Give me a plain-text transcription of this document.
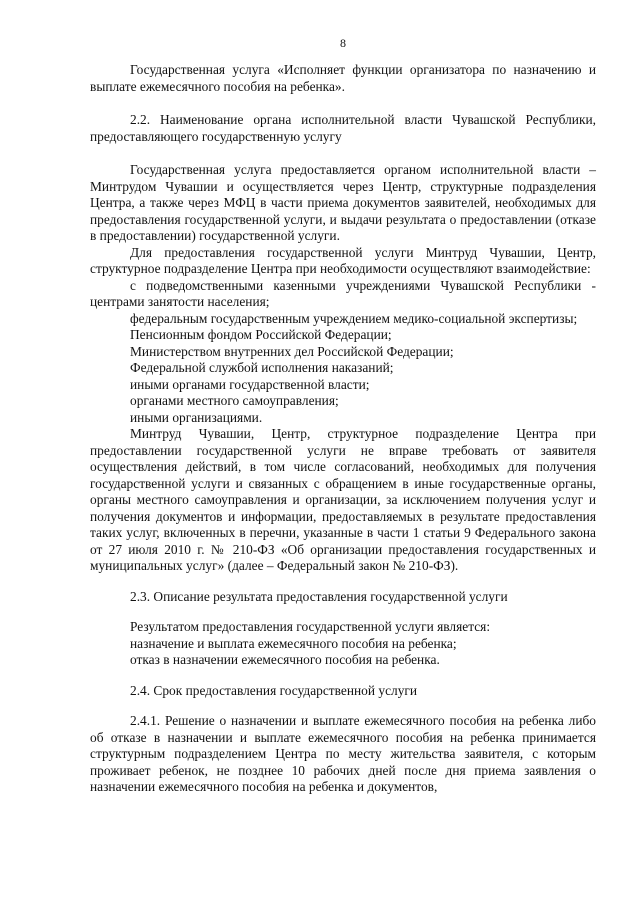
8

Государственная услуга «Исполняет функции организатора по назначению и выплате ежемесячного пособия на ребенка».

2.2. Наименование органа исполнительной власти Чувашской Республики, предоставляющего государственную услугу

Государственная услуга предоставляется органом исполнительной власти – Минтрудом Чувашии и осуществляется через Центр, структурные подразделения Центра, а также через МФЦ в части приема документов заявителей, необходимых для предоставления государственной услуги, и выдачи результата о предоставлении (отказе в предоставлении) государственной услуги.

Для предоставления государственной услуги Минтруд Чувашии, Центр, структурное подразделение Центра при необходимости осуществляют взаимодействие:

с подведомственными казенными учреждениями Чувашской Республики - центрами занятости населения;

федеральным государственным учреждением медико-социальной экспертизы;

Пенсионным фондом Российской Федерации;

Министерством внутренних дел Российской Федерации;

Федеральной службой исполнения наказаний;

иными органами государственной власти;

органами местного самоуправления;

иными организациями.

Минтруд Чувашии, Центр, структурное подразделение Центра при предоставлении государственной услуги не вправе требовать от заявителя осуществления действий, в том числе согласований, необходимых для получения государственной услуги и связанных с обращением в иные государственные органы, органы местного самоуправления и организации, за исключением получения услуг и получения документов и информации, предоставляемых в результате предоставления таких услуг, включенных в перечни, указанные в части 1 статьи 9 Федерального закона от 27 июля 2010 г. № 210-ФЗ «Об организации предоставления государственных и муниципальных услуг» (далее – Федеральный закон № 210-ФЗ).

2.3. Описание результата предоставления государственной услуги

Результатом предоставления государственной услуги является:

назначение и выплата ежемесячного пособия на ребенка;

отказ в назначении ежемесячного пособия на ребенка.

2.4. Срок предоставления государственной услуги

2.4.1. Решение о назначении и выплате ежемесячного пособия на ребенка либо об отказе в назначении и выплате ежемесячного пособия на ребенка принимается структурным подразделением Центра по месту жительства заявителя, с которым проживает ребенок, не позднее 10 рабочих дней после дня приема заявления о назначении ежемесячного пособия на ребенка и документов,
